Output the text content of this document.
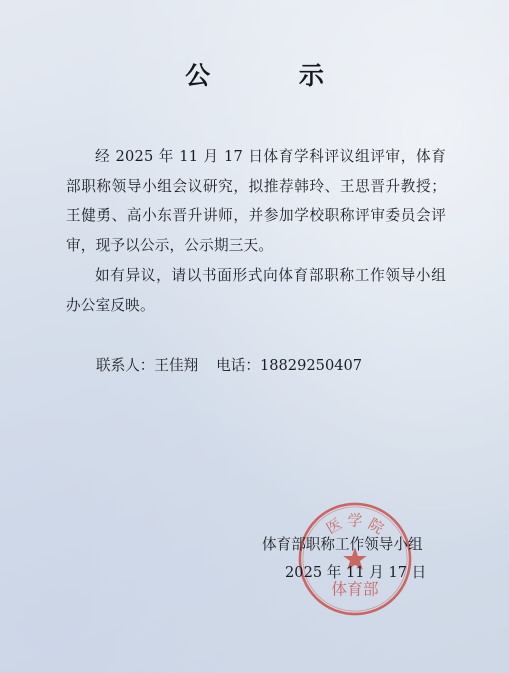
公 示

经 2025 年 11 月 17 日体育学科评议组评审，体育部职称领导小组会议研究，拟推荐韩玲、王思晋升教授；王健勇、高小东晋升讲师，并参加学校职称评审委员会评审，现予以公示，公示期三天。

如有异议，请以书面形式向体育部职称工作领导小组办公室反映。

联系人：王佳翔 电话：18829250407
医 学 院
体育部
体育部职称工作领导小组
2025 年 11 月 17 日
